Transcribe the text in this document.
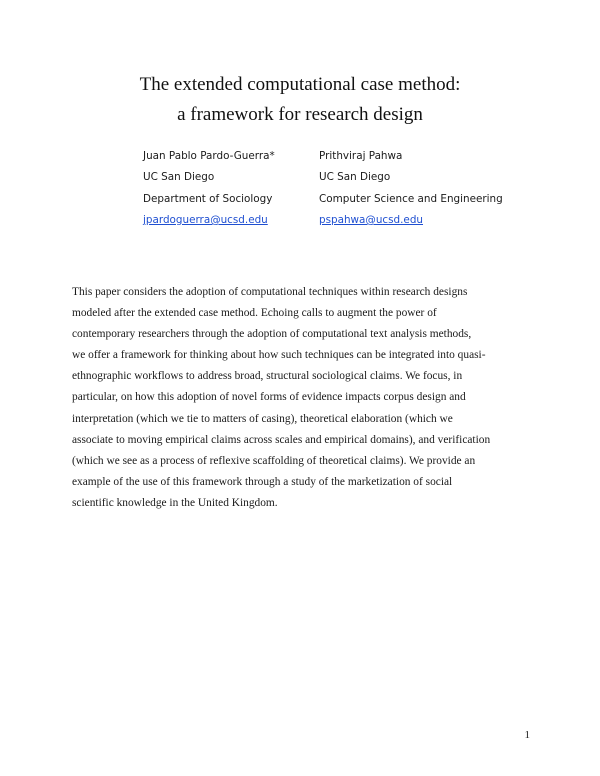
The extended computational case method:
a framework for research design
Juan Pablo Pardo-Guerra*
UC San Diego
Department of Sociology
jpardoguerra@ucsd.edu
Prithviraj Pahwa
UC San Diego
Computer Science and Engineering
pspahwa@ucsd.edu
This paper considers the adoption of computational techniques within research designs
modeled after the extended case method. Echoing calls to augment the power of
contemporary researchers through the adoption of computational text analysis methods,
we offer a framework for thinking about how such techniques can be integrated into quasi-
ethnographic workflows to address broad, structural sociological claims. We focus, in
particular, on how this adoption of novel forms of evidence impacts corpus design and
interpretation (which we tie to matters of casing), theoretical elaboration (which we
associate to moving empirical claims across scales and empirical domains), and verification
(which we see as a process of reflexive scaffolding of theoretical claims). We provide an
example of the use of this framework through a study of the marketization of social
scientific knowledge in the United Kingdom.
1
